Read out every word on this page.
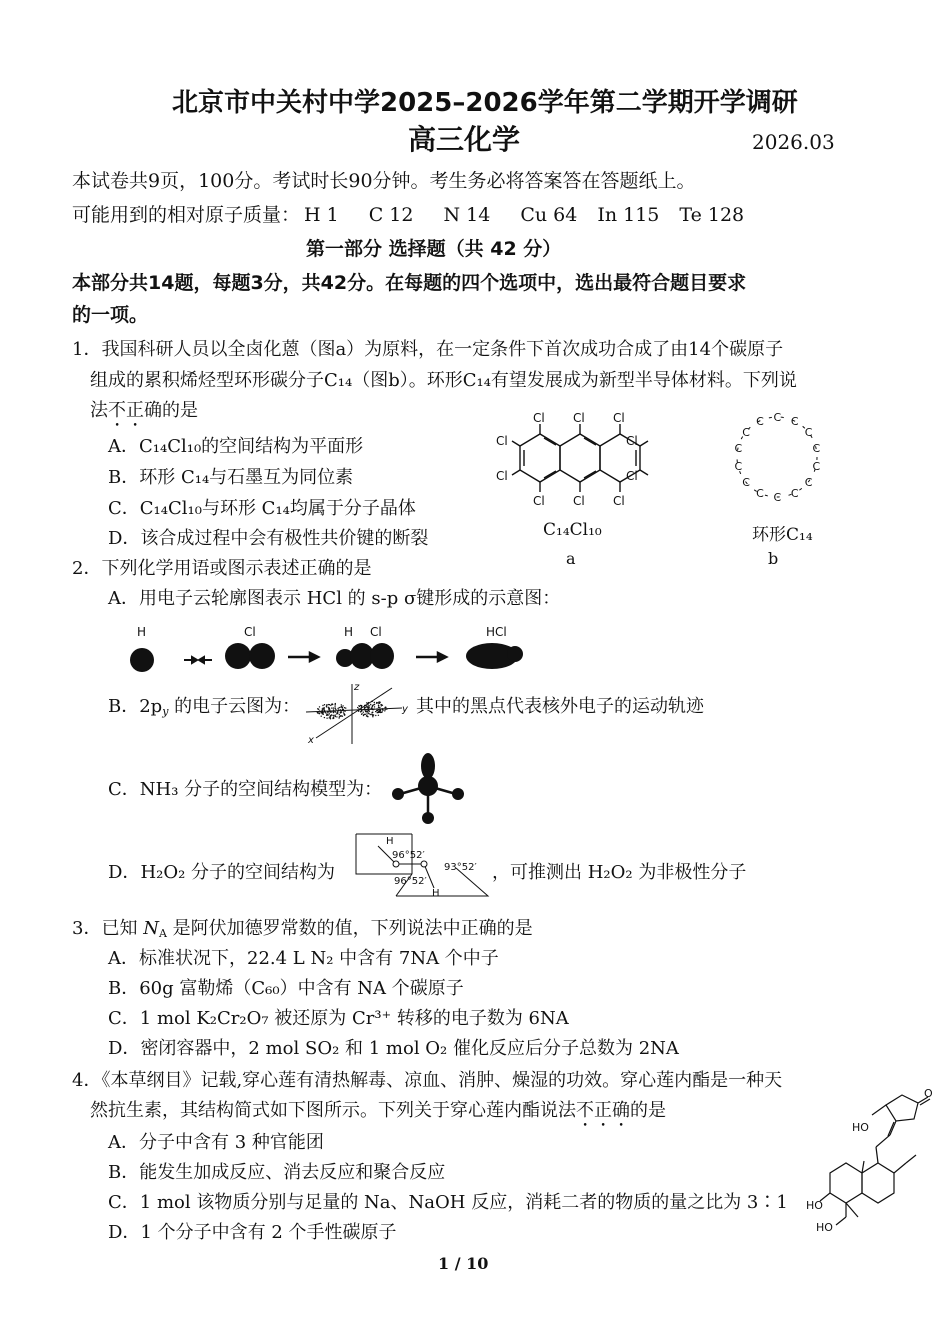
北京市中关村中学2025–2026学年第二学期开学调研
高三化学	2026.03
本试卷共9页，100分。考试时长90分钟。考生务必将答案答在答题纸上。
可能用到的相对原子质量： H 1 C 12 N 14 Cu 64 In 115 Te 128
第一部分 选择题（共 42 分）
本部分共14题，每题3分，共42分。在每题的四个选项中，选出最符合题目要求
的一项。
1．我国科研人员以全卤化蒽（图a）为原料，在一定条件下首次成功合成了由14个碳原子
组成的累积烯烃型环形碳分子C₁₄（图b）。环形C₁₄有望发展成为新型半导体材料。下列说
法不正确的是
A．C₁₄Cl₁₀的空间结构为平面形
B．环形 C₁₄与石墨互为同位素
C．C₁₄Cl₁₀与环形 C₁₄均属于分子晶体
D．该合成过程中会有极性共价键的断裂
Cl Cl Cl
Cl Cl Cl
Cl
Cl
Cl
Cl
C₁₄Cl₁₀
a
C C
C
C
C
C
C
C
C
C
C
C
C
C
环形C₁₄
b
2．下列化学用语或图示表述正确的是
A．用电子云轮廓图表示 HCl 的 s-p σ键形成的示意图：
H	Cl	H Cl	HCl
B．$2p_y$ 的电子云图为：
z
y
x
其中的黑点代表核外电子的运动轨迹
C．NH₃ 分子的空间结构模型为：
D．H₂O₂ 分子的空间结构为
H
96°52′
93°52′
96°52′
H
，可推测出 H₂O₂ 为非极性分子
3．已知 $N_A$ 是阿伏加德罗常数的值，下列说法中正确的是
A．标准状况下，22.4 L N₂ 中含有 7NA 个中子
B．60g 富勒烯（C₆₀）中含有 NA 个碳原子
C．1 mol K₂Cr₂O₇ 被还原为 Cr³⁺ 转移的电子数为 6NA
D．密闭容器中，2 mol SO₂ 和 1 mol O₂ 催化反应后分子总数为 2NA
4．《本草纲目》记载,穿心莲有清热解毒、凉血、消肿、燥湿的功效。穿心莲内酯是一种天
然抗生素，其结构简式如下图所示。下列关于穿心莲内酯说法不正确的是
A．分子中含有 3 种官能团
B．能发生加成反应、消去反应和聚合反应
C．1 mol 该物质分别与足量的 Na、NaOH 反应，消耗二者的物质的量之比为 3∶1
D．1 个分子中含有 2 个手性碳原子
HO
O
HO
HO
1 / 10
